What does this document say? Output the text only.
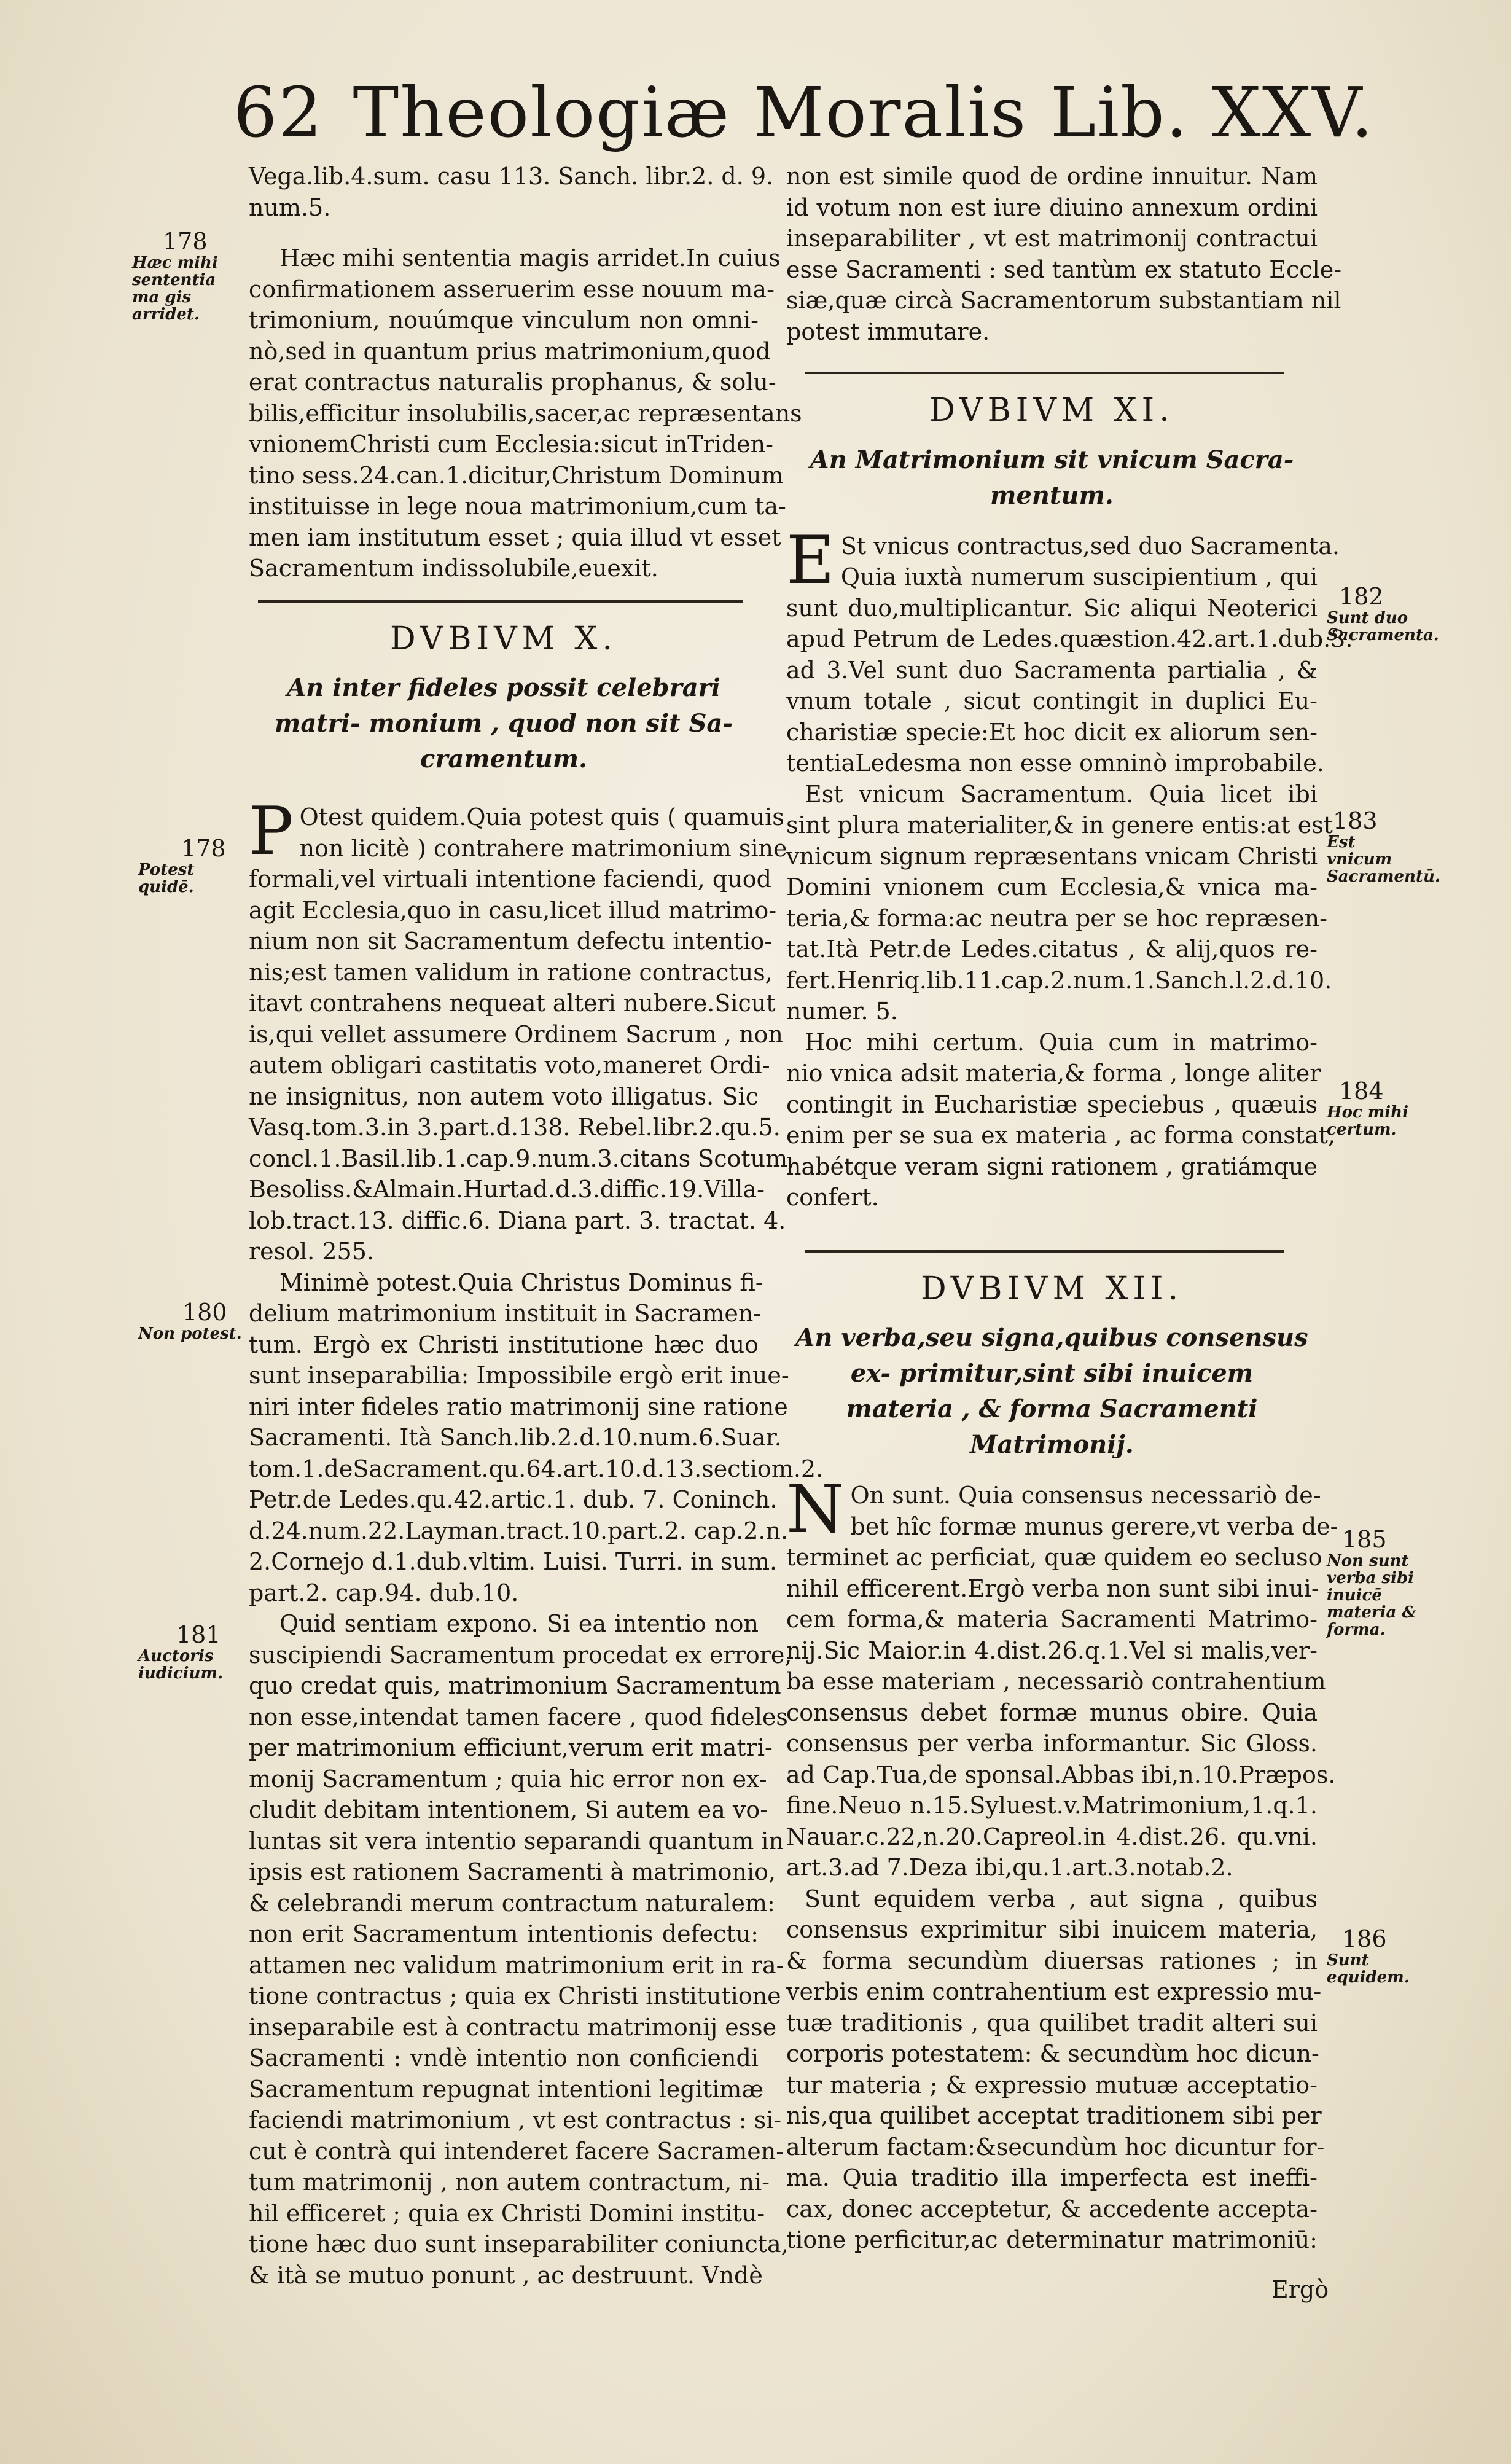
62 Theologiæ Moralis Lib. XXV.

Vega.lib.4.sum. casu 113. Sanch. libr.2. d. 9.
num.5.

Hæc mihi sententia magis arridet.In cuius
confirmationem asseruerim esse nouum ma-
trimonium, nouúmque vinculum non omni-
nò,sed in quantum prius matrimonium,quod
erat contractus naturalis prophanus, & solu-
bilis,efficitur insolubilis,sacer,ac repræsentans
vnionemChristi cum Ecclesia:sicut inTriden-
tino sess.24.can.1.dicitur,Christum Dominum
instituisse in lege noua matrimonium,cum ta-
men iam institutum esset ; quia illud vt esset
Sacramentum indissolubile,euexit.

DVBIVM X.
An inter fideles possit celebrari matri- monium , quod non sit Sa- cramentum.

P Otest quidem.Quia potest quis ( quamuis
non licitè ) contrahere matrimonium sine
formali,vel virtuali intentione faciendi, quod
agit Ecclesia,quo in casu,licet illud matrimo-
nium non sit Sacramentum defectu intentio-
nis;est tamen validum in ratione contractus,
itavt contrahens nequeat alteri nubere.Sicut
is,qui vellet assumere Ordinem Sacrum , non
autem obligari castitatis voto,maneret Ordi-
ne insignitus, non autem voto illigatus. Sic
Vasq.tom.3.in 3.part.d.138. Rebel.libr.2.qu.5.
concl.1.Basil.lib.1.cap.9.num.3.citans Scotum,
Besoliss.&Almain.Hurtad.d.3.diffic.19.Villa-
lob.tract.13. diffic.6. Diana part. 3. tractat. 4.
resol. 255.

Minimè potest.Quia Christus Dominus fi-
delium matrimonium instituit in Sacramen-
tum. Ergò ex Christi institutione hæc duo
sunt inseparabilia: Impossibile ergò erit inue-
niri inter fideles ratio matrimonij sine ratione
Sacramenti. Ità Sanch.lib.2.d.10.num.6.Suar.
tom.1.deSacrament.qu.64.art.10.d.13.sectiom.2.
Petr.de Ledes.qu.42.artic.1. dub. 7. Coninch.
d.24.num.22.Layman.tract.10.part.2. cap.2.n.
2.Cornejo d.1.dub.vltim. Luisi. Turri. in sum.
part.2. cap.94. dub.10.

Quid sentiam expono. Si ea intentio non
suscipiendi Sacramentum procedat ex errore,
quo credat quis, matrimonium Sacramentum
non esse,intendat tamen facere , quod fideles
per matrimonium efficiunt,verum erit matri-
monij Sacramentum ; quia hic error non ex-
cludit debitam intentionem, Si autem ea vo-
luntas sit vera intentio separandi quantum in
ipsis est rationem Sacramenti à matrimonio,
& celebrandi merum contractum naturalem:
non erit Sacramentum intentionis defectu:
attamen nec validum matrimonium erit in ra-
tione contractus ; quia ex Christi institutione
inseparabile est à contractu matrimonij esse
Sacramenti : vndè intentio non conficiendi
Sacramentum repugnat intentioni legitimæ
faciendi matrimonium , vt est contractus : si-
cut è contrà qui intenderet facere Sacramen-
tum matrimonij , non autem contractum, ni-
hil efficeret ; quia ex Christi Domini institu-
tione hæc duo sunt inseparabiliter coniuncta,
& ità se mutuo ponunt , ac destruunt. Vndè

non est simile quod de ordine innuitur. Nam
id votum non est iure diuino annexum ordini
inseparabiliter , vt est matrimonij contractui
esse Sacramenti : sed tantùm ex statuto Eccle-
siæ,quæ circà Sacramentorum substantiam nil
potest immutare.

DVBIVM XI.
An Matrimonium sit vnicum Sacra- mentum.

E St vnicus contractus,sed duo Sacramenta.
Quia iuxtà numerum suscipientium , qui
sunt duo,multiplicantur. Sic aliqui Neoterici
apud Petrum de Ledes.quæstion.42.art.1.dub.3.
ad 3.Vel sunt duo Sacramenta partialia , &
vnum totale , sicut contingit in duplici Eu-
charistiæ specie:Et hoc dicit ex aliorum sen-
tentiaLedesma non esse omninò improbabile.

Est vnicum Sacramentum. Quia licet ibi
sint plura materialiter,& in genere entis:at est
vnicum signum repræsentans vnicam Christi
Domini vnionem cum Ecclesia,& vnica ma-
teria,& forma:ac neutra per se hoc repræsen-
tat.Ità Petr.de Ledes.citatus , & alij,quos re-
fert.Henriq.lib.11.cap.2.num.1.Sanch.l.2.d.10.
numer. 5.

Hoc mihi certum. Quia cum in matrimo-
nio vnica adsit materia,& forma , longe aliter
contingit in Eucharistiæ speciebus , quæuis
enim per se sua ex materia , ac forma constat,
habétque veram signi rationem , gratiámque
confert.

DVBIVM XII.
An verba,seu signa,quibus consensus ex- primitur,sint sibi inuicem materia , & forma Sacramenti Matrimonij.

N On sunt. Quia consensus necessariò de-
bet hîc formæ munus gerere,vt verba de-
terminet ac perficiat, quæ quidem eo secluso
nihil efficerent.Ergò verba non sunt sibi inui-
cem forma,& materia Sacramenti Matrimo-
nij.Sic Maior.in 4.dist.26.q.1.Vel si malis,ver-
ba esse materiam , necessariò contrahentium
consensus debet formæ munus obire. Quia
consensus per verba informantur. Sic Gloss.
ad Cap.Tua,de sponsal.Abbas ibi,n.10.Præpos.
fine.Neuo n.15.Syluest.v.Matrimonium,1.q.1.
Nauar.c.22,n.20.Capreol.in 4.dist.26. qu.vni.
art.3.ad 7.Deza ibi,qu.1.art.3.notab.2.

Sunt equidem verba , aut signa , quibus
consensus exprimitur sibi inuicem materia,
& forma secundùm diuersas rationes ; in
verbis enim contrahentium est expressio mu-
tuæ traditionis , qua quilibet tradit alteri sui
corporis potestatem: & secundùm hoc dicun-
tur materia ; & expressio mutuæ acceptatio-
nis,qua quilibet acceptat traditionem sibi per
alterum factam:&secundùm hoc dicuntur for-
ma. Quia traditio illa imperfecta est ineffi-
cax, donec acceptetur, & accedente accepta-
tione perficitur,ac determinatur matrimoniū:

Ergò
178
Hæc mihi sententia ma gis arridet.
178
Potest quidē.
180
Non potest.
181
Auctoris iudicium.
182
Sunt duo Sacramenta.
183
Est vnicum Sacramentū.
184
Hoc mihi certum.
185
Non sunt verba sibi inuicē materia & forma.
186
Sunt equidem.
